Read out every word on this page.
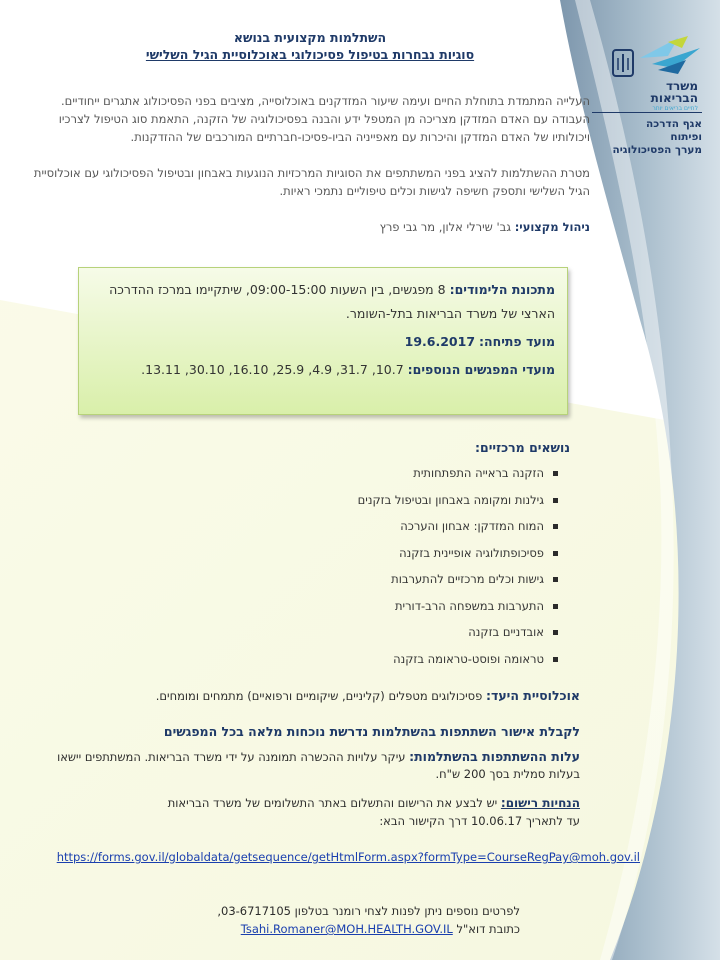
משרד
הבריאות
לחיים בריאים יותר
אגף הדרכה
ופיתוח
מערך הפסיכולוגיה

השתלמות מקצועית בנושא

סוגיות נבחרות בטיפול פסיכולוגי באוכלוסיית הגיל השלישי

העלייה המתמדת בתוחלת החיים ועימה שיעור המזדקנים באוכלוסייה, מציבים בפני הפסיכולוג אתגרים ייחודיים. העבודה עם האדם המזדקן מצריכה מן המטפל ידע והבנה בפסיכולוגיה של הזקנה, התאמת סוג הטיפול לצרכיו ויכולותיו של האדם המזדקן והיכרות עם מאפייניה הביו-פסיכו-חברתיים המורכבים של ההזדקנות.

מטרת ההשתלמות להציג בפני המשתתפים את הסוגיות המרכזיות הנוגעות באבחון ובטיפול הפסיכולוגי עם אוכלוסיית הגיל השלישי ותספק חשיפה לגישות וכלים טיפוליים נתמכי ראיות.

ניהול מקצועי: גב' שירלי אלון, מר גבי פרץ

מתכונת הלימודים: 8 מפגשים, בין השעות 09:00-15:00, שיתקיימו במרכז ההדרכה הארצי של משרד הבריאות בתל-השומר.

מועד פתיחה: 19.6.2017

מועדי המפגשים הנוספים: 10.7, 31.7, 4.9, 25.9, 16.10, 30.10, 13.11.

נושאים מרכזיים:
הזקנה בראייה התפתחותית
גילנות ומקומה באבחון ובטיפול בזקנים
המוח המזדקן: אבחון והערכה
פסיכופתולוגיה אופיינית בזקנה
גישות וכלים מרכזיים להתערבות
התערבות במשפחה הרב-דורית
אובדניים בזקנה
טראומה ופוסט-טראומה בזקנה
אוכלוסיית היעד: פסיכולוגים מטפלים (קליניים, שיקומיים ורפואיים) מתמחים ומומחים.
לקבלת אישור השתתפות בהשתלמות נדרשת נוכחות מלאה בכל המפגשים
עלות ההשתתפות בהשתלמות: עיקר עלויות ההכשרה תמומנה על ידי משרד הבריאות. המשתתפים יישאו בעלות סמלית בסך 200 ש"ח.
הנחיות רישום: יש לבצע את הרישום והתשלום באתר התשלומים של משרד הבריאות
עד לתאריך 10.06.17 דרך הקישור הבא:
https://forms.gov.il/globaldata/getsequence/getHtmlForm.aspx?formType=CourseRegPay@moh.gov.il
לפרטים נוספים ניתן לפנות לצחי רומנר בטלפון 03-6717105,
כתובת דוא"ל Tsahi.Romaner@MOH.HEALTH.GOV.IL
